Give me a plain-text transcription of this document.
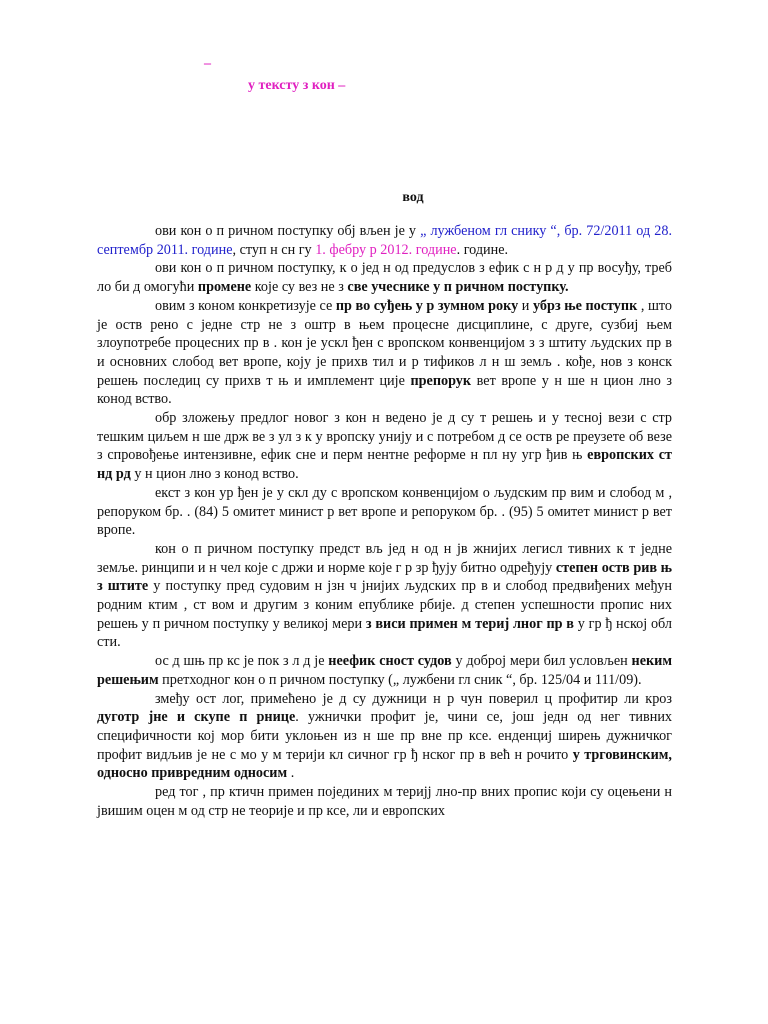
–
у тексту з кон –
вод

ови кон о п ричном поступку обј вљен је у „ лужбеном гл снику “, бр. 72/2011 од 28. септембр 2011. године, ступ н сн гу 1. фебру р 2012. године. године.

ови кон о п ричном поступку, к о јед н од предуслов з ефик с н р д у пр восуђу, треб ло би д омогући промене које су вез не з све учеснике у п ричном поступку.

овим з коном конкретизује се пр во суђењ у р зумном року и убрз ње поступк , што је оств рено с једне стр не з оштр в њем процесне дисциплине, с друге, сузбиј њем злоупотребе процесних пр в . кон је ускл ђен с вропском конвенцијом з з штиту људских пр в и основних слобод вет вропе, коју је прихв тил и р тификов л н ш земљ . кође, нов з конск решењ последиц су прихв т њ и имплемент ције препорук вет вропе у н ше н цион лно з конод вство.

обр зложењу предлог новог з кон н ведено је д су т решењ и у тесној вези с стр тешким циљем н ше држ ве з ул з к у вропску унију и с потребом д се оств ре преузете об везе з спровођење интензивне, ефик сне и перм нентне реформе н пл ну угр ђив њ европских ст нд рд у н цион лно з конод вство.

екст з кон ур ђен је у скл ду с вропском конвенцијом о људским пр вим и слобод м , репоруком бр. . (84) 5 омитет минист р вет вропе и репоруком бр. . (95) 5 омитет минист р вет вропе.

кон о п ричном поступку предст вљ јед н од н јв жнијих легисл тивних к т једне земље. ринципи и н чел које с држи и норме које г р зр ђују битно одређују степен оств рив њ з штите у поступку пред судовим н јзн ч јнијих људских пр в и слобод предвиђених међун родним ктим , ст вом и другим з коним епублике рбије. д степен успешности пропис них решењ у п ричном поступку у великој мери з виси примен м териј лног пр в у гр ђ нској обл сти.

ос д шњ пр кс је пок з л д је неефик сност судов у доброј мери бил условљен неким решењим претходног кон о п ричном поступку („ лужбени гл сник “, бр. 125/04 и 111/09).

змеђу ост лог, примећено је д су дужници н р чун поверил ц профитир ли кроз дуготр јне и скупе п рнице. ужнички профит је, чини се, још једн од нег тивних специфичности кој мор бити уклоњен из н ше пр вне пр ксе. енденциј ширењ дужничког профит видљив је не с мо у м терији кл сичног гр ђ нског пр в већ н рочито у трговинским, односно привредним односим .

ред тог , пр ктичн примен појединих м теријј лно-пр вних пропис који су оцењени н јвишим оцен м од стр не теорије и пр ксе, ли и европских
